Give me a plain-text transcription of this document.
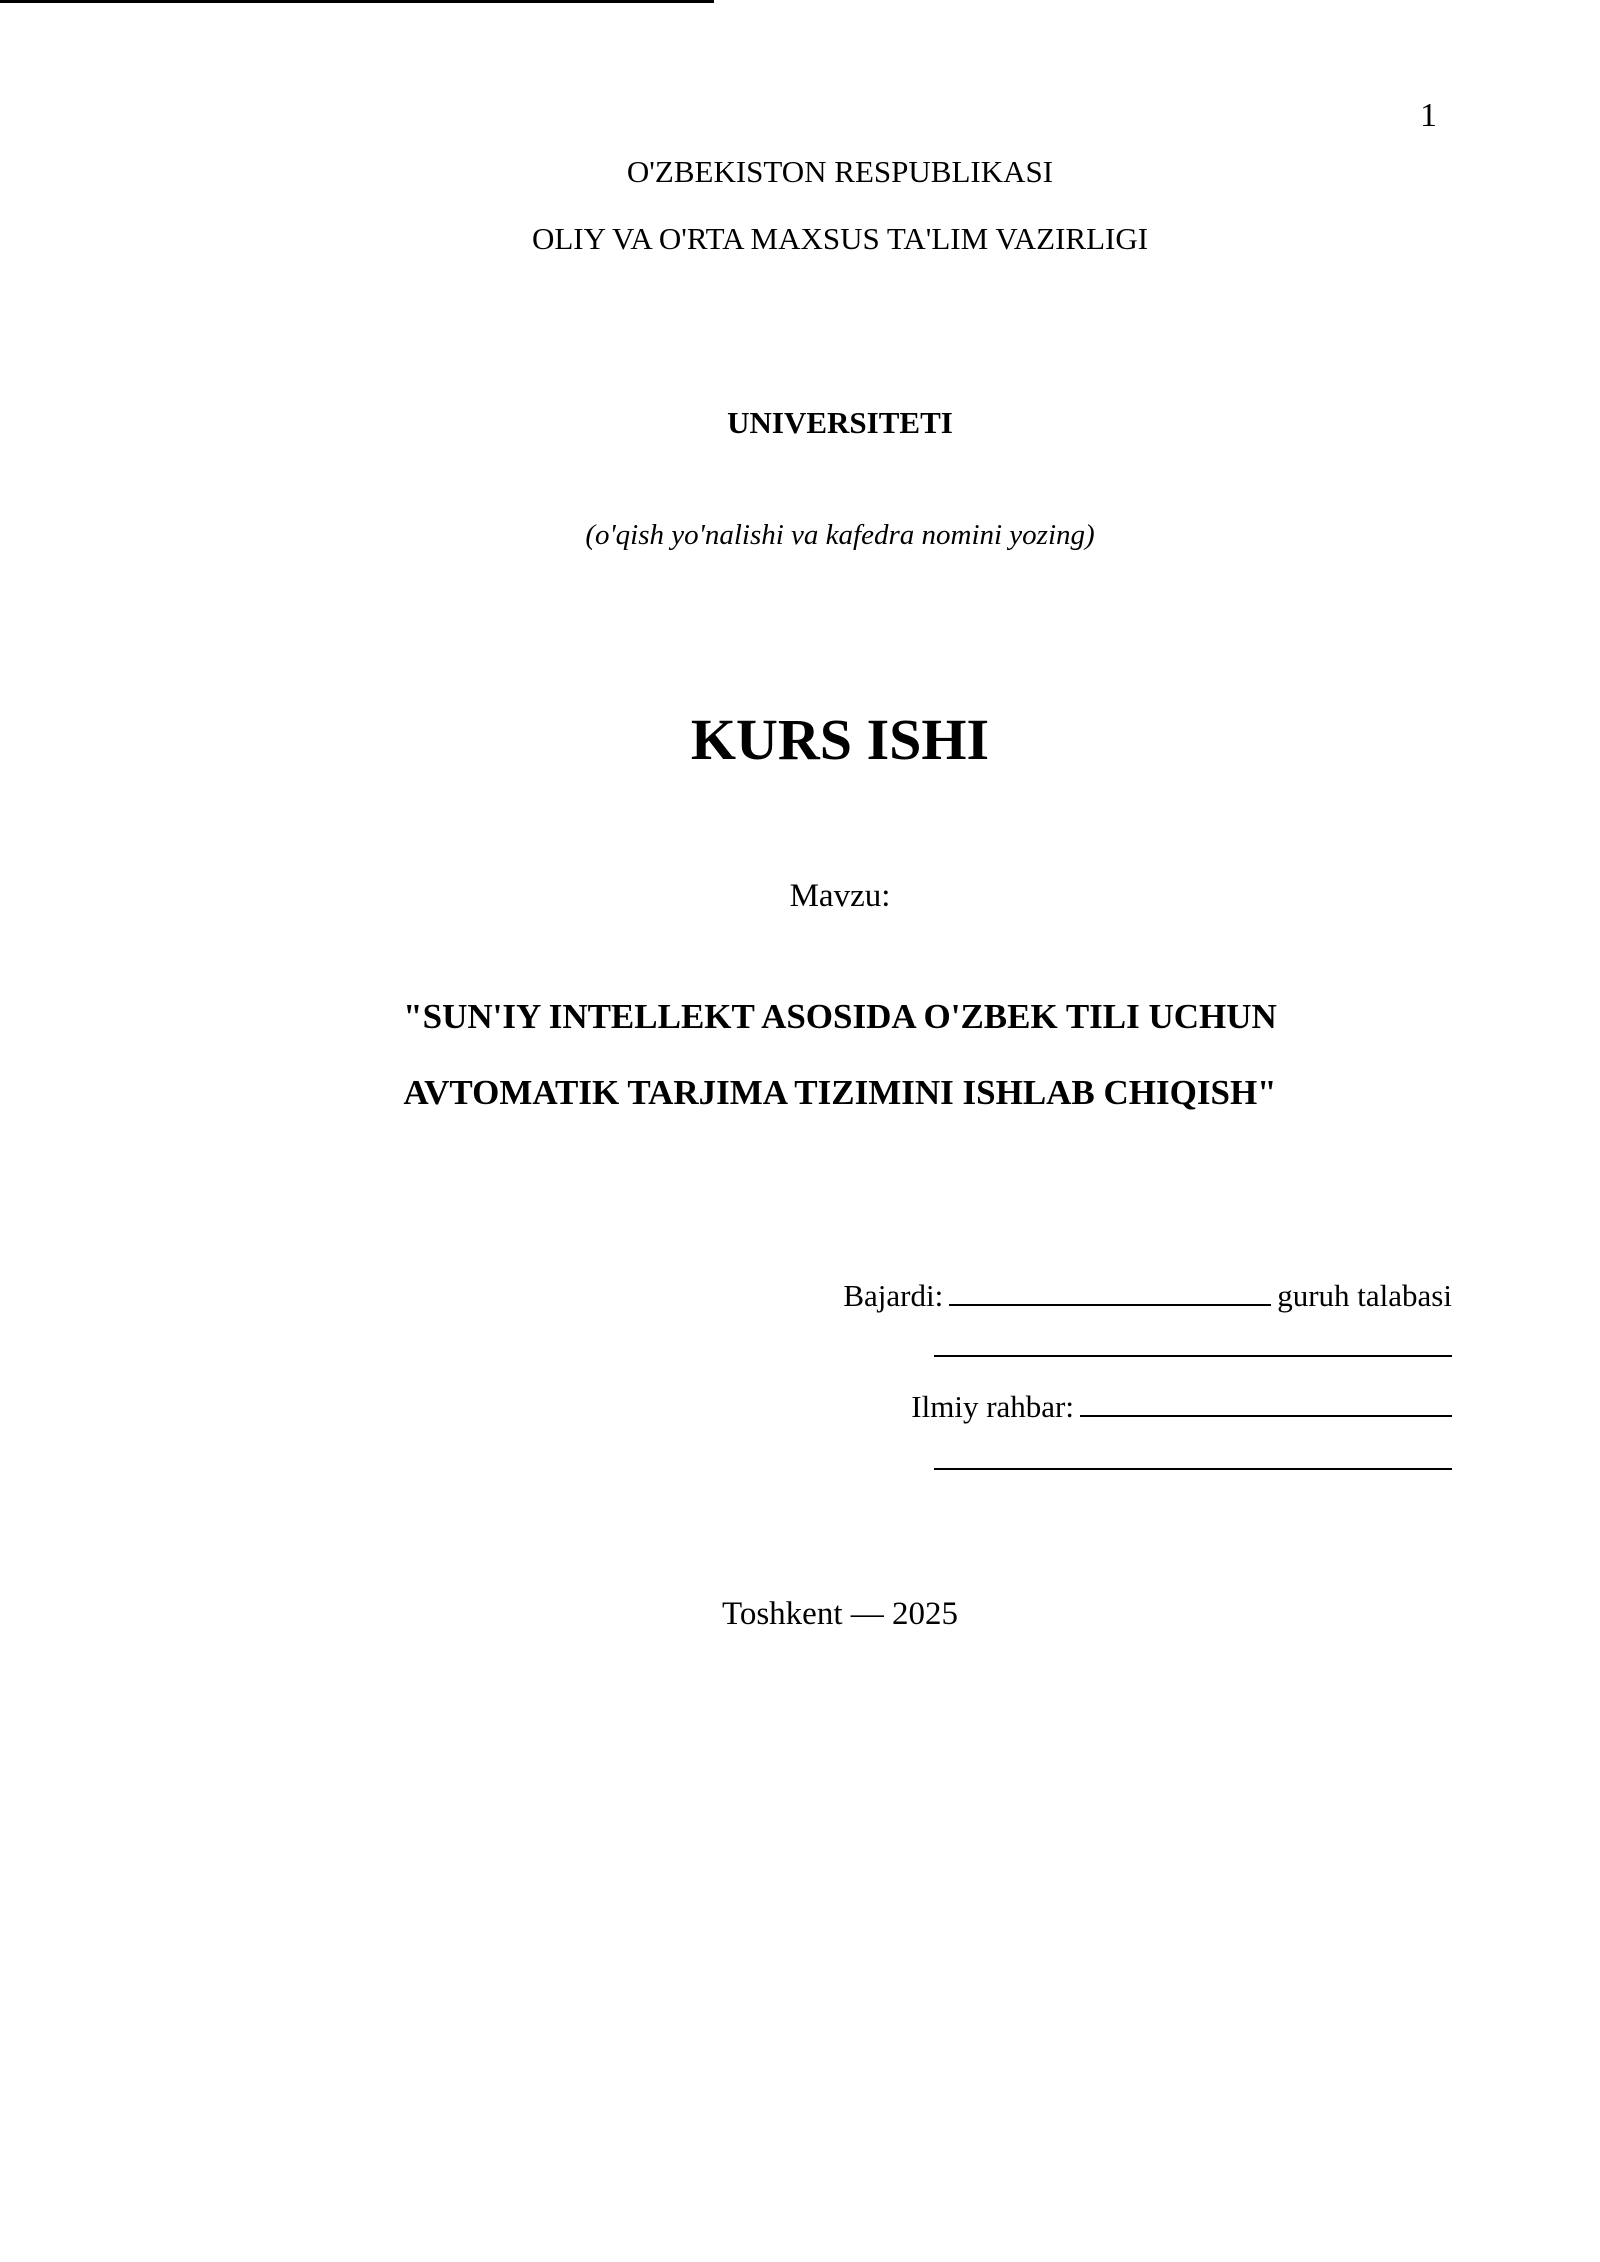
1
O'ZBEKISTON RESPUBLIKASI
OLIY VA O'RTA MAXSUS TA'LIM VAZIRLIGI
UNIVERSITETI
(o'qish yo'nalishi va kafedra nomini yozing)
KURS ISHI
Mavzu:
"SUN'IY INTELLEKT ASOSIDA O'ZBEK TILI UCHUN
AVTOMATIK TARJIMA TIZIMINI ISHLAB CHIQISH"
Bajardi:	guruh talabasi
Ilmiy rahbar:
Toshkent — 2025
